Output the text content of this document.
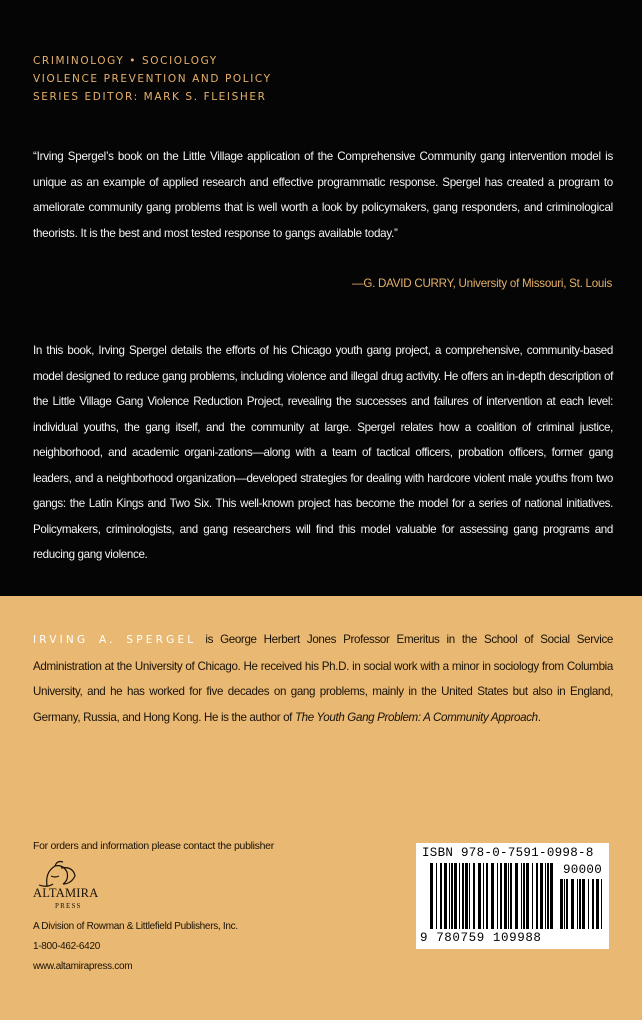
CRIMINOLOGY • SOCIOLOGY
VIOLENCE PREVENTION AND POLICY
SERIES EDITOR: MARK S. FLEISHER
“Irving Spergel’s book on the Little Village application of the Comprehensive Community gang intervention model is unique as an example of applied research and effective programmatic response. Spergel has created a program to ameliorate community gang problems that is well worth a look by policymakers, gang responders, and criminological theorists. It is the best and most tested response to gangs available today.”
—G. DAVID CURRY, University of Missouri, St. Louis
In this book, Irving Spergel details the efforts of his Chicago youth gang project, a comprehensive, community-based model designed to reduce gang problems, including violence and illegal drug activity. He offers an in-depth description of the Little Village Gang Violence Reduction Project, revealing the successes and failures of intervention at each level: individual youths, the gang itself, and the community at large. Spergel relates how a coalition of criminal justice, neighborhood, and academic organi-zations—along with a team of tactical officers, probation officers, former gang leaders, and a neighborhood organization—developed strategies for dealing with hardcore violent male youths from two gangs: the Latin Kings and Two Six. This well-known project has become the model for a series of national initiatives. Policymakers, criminologists, and gang researchers will find this model valuable for assessing gang programs and reducing gang violence.
IRVING A. SPERGEL is George Herbert Jones Professor Emeritus in the School of Social Service Administration at the University of Chicago. He received his Ph.D. in social work with a minor in sociology from Columbia University, and he has worked for five decades on gang problems, mainly in the United States but also in England, Germany, Russia, and Hong Kong. He is the author of The Youth Gang Problem: A Community Approach.
For orders and information please contact the publisher
ALTAMIRA
PRESS
A Division of Rowman & Littlefield Publishers, Inc.
1-800-462-6420
www.altamirapress.com
ISBN 978-0-7591-0998-8
90000
9 780759 109988
